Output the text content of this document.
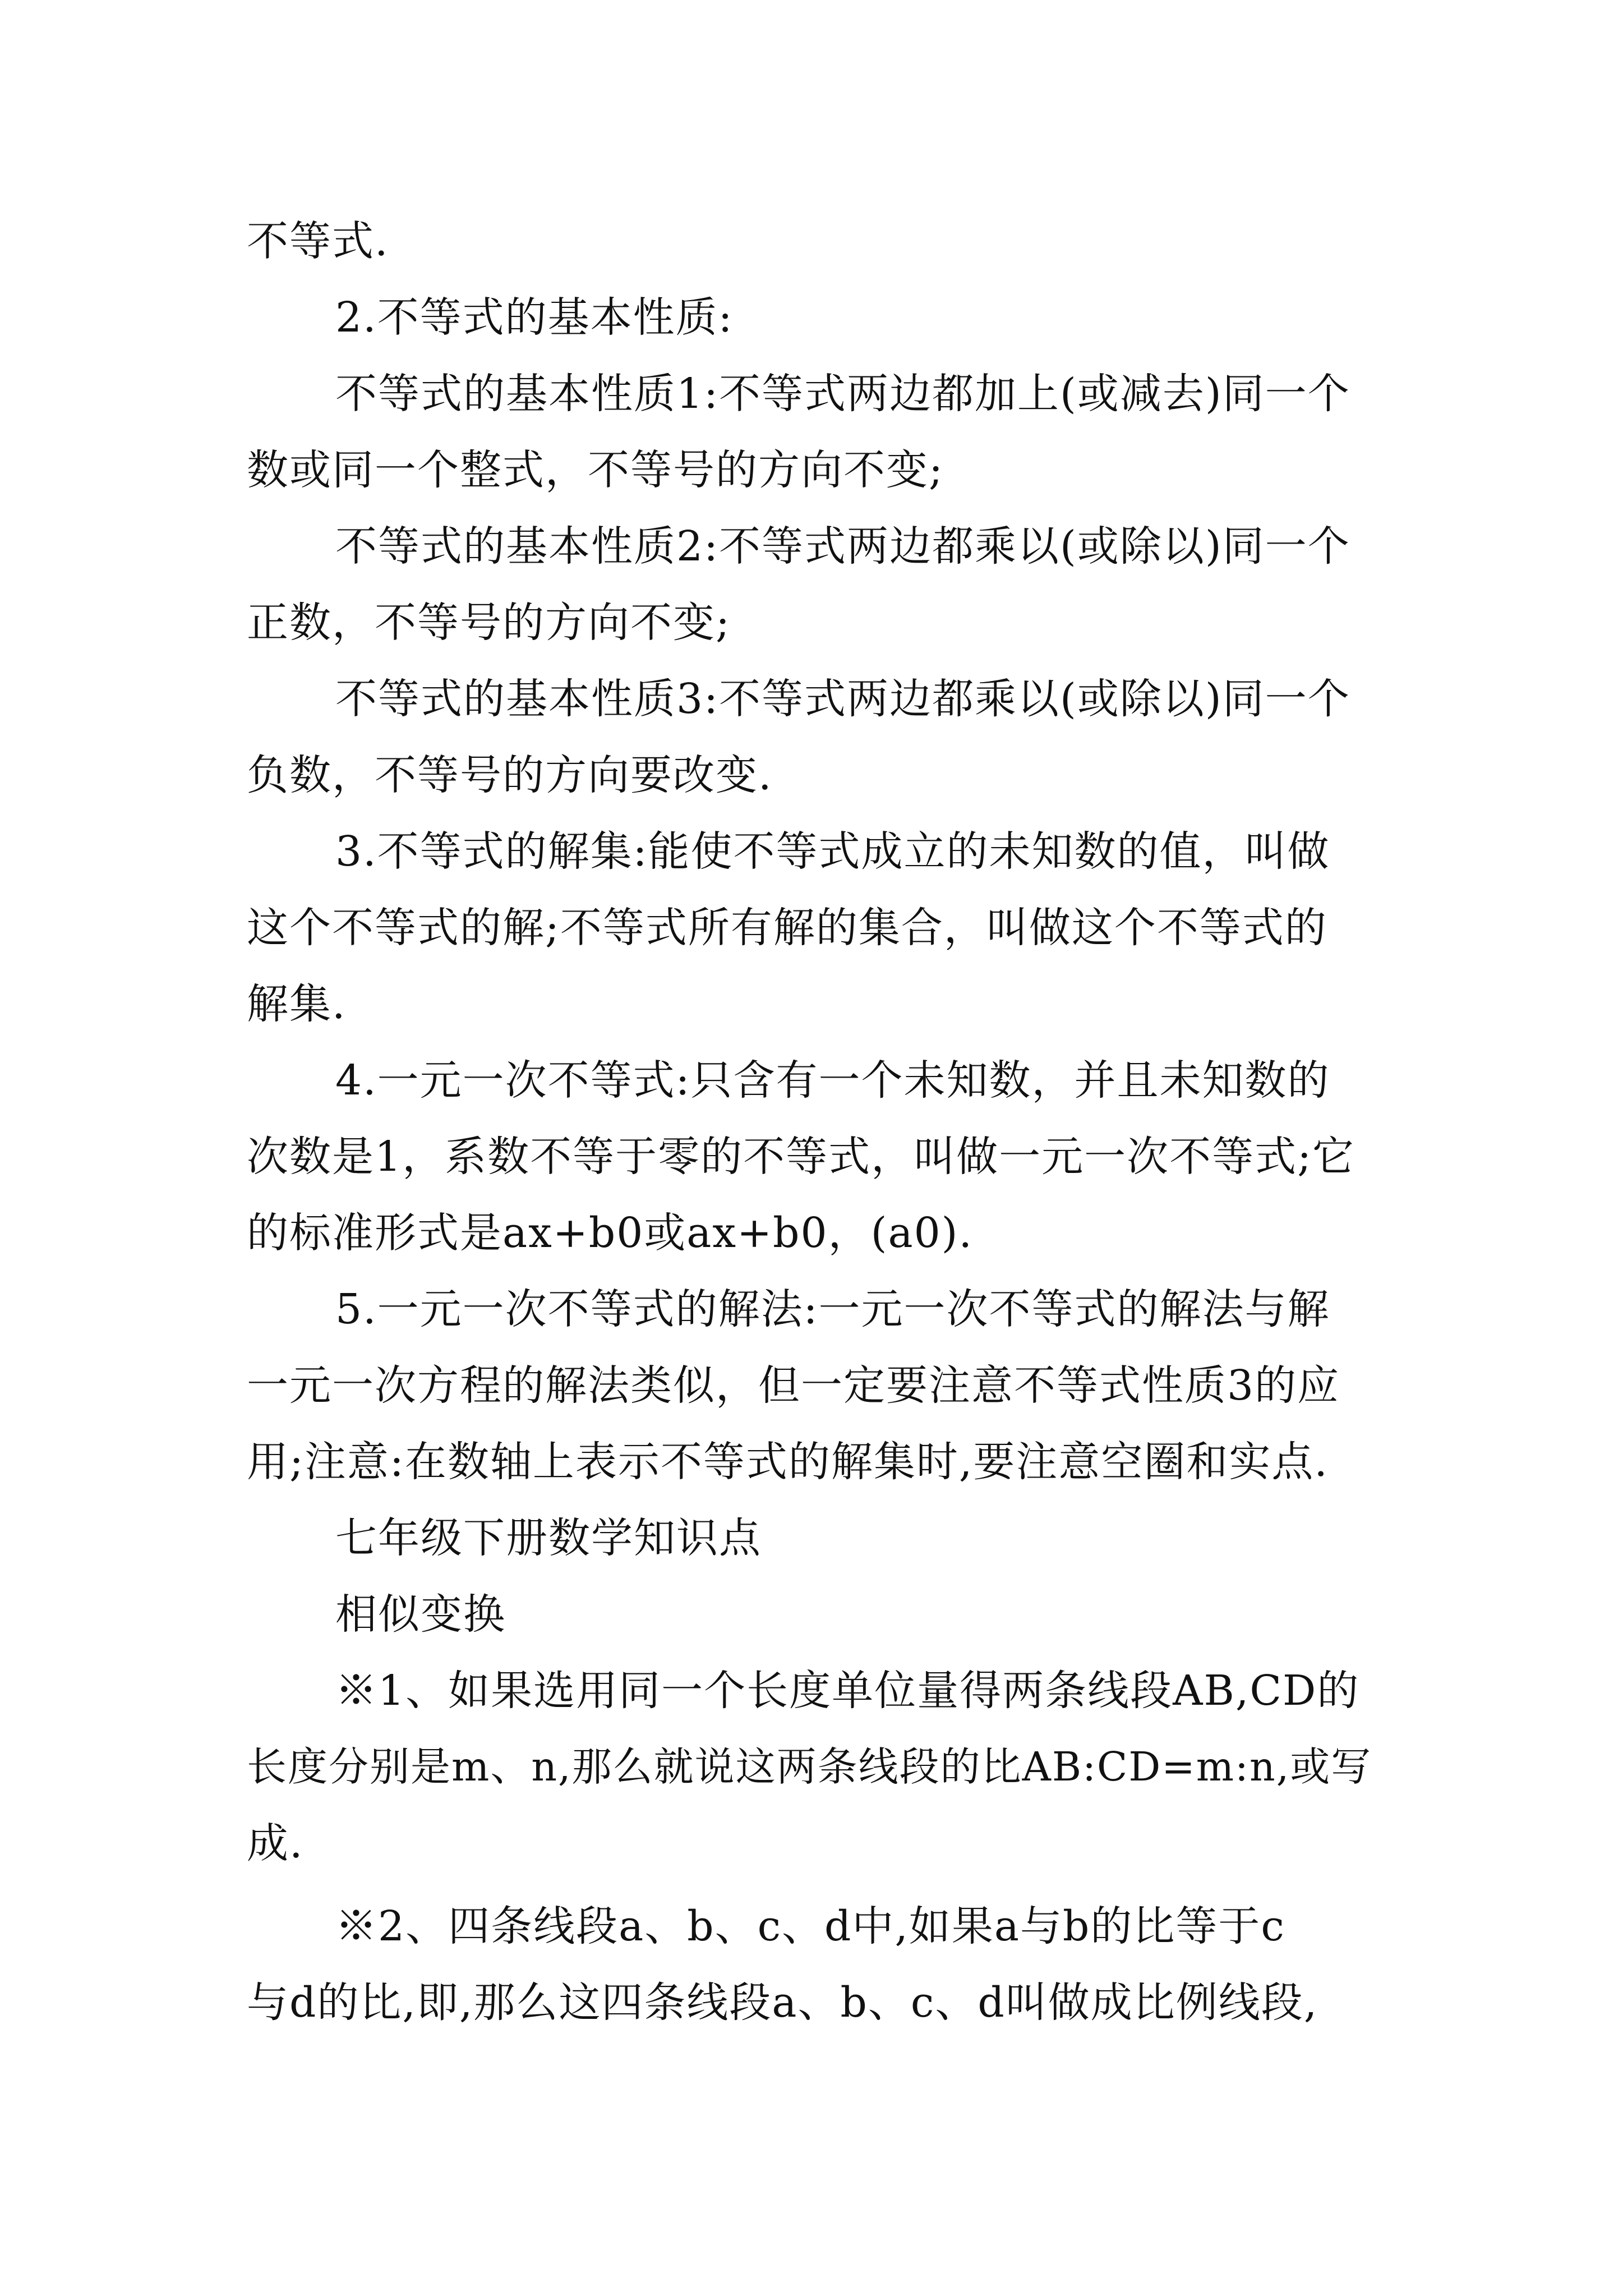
不等式.
2.不等式的基本性质:
不等式的基本性质1:不等式两边都加上(或减去)同一个
数或同一个整式，不等号的方向不变;
不等式的基本性质2:不等式两边都乘以(或除以)同一个
正数，不等号的方向不变;
不等式的基本性质3:不等式两边都乘以(或除以)同一个
负数，不等号的方向要改变.
3.不等式的解集:能使不等式成立的未知数的值，叫做
这个不等式的解;不等式所有解的集合，叫做这个不等式的
解集.
4.一元一次不等式:只含有一个未知数，并且未知数的
次数是1，系数不等于零的不等式，叫做一元一次不等式;它
的标准形式是ax+b0或ax+b0，(a0).
5.一元一次不等式的解法:一元一次不等式的解法与解
一元一次方程的解法类似，但一定要注意不等式性质3的应
用;注意:在数轴上表示不等式的解集时,要注意空圈和实点.
七年级下册数学知识点
相似变换
※1、如果选用同一个长度单位量得两条线段AB,CD的
长度分别是m、n,那么就说这两条线段的比AB:CD=m:n,或写
成.
※2、四条线段a、b、c、d中,如果a与b的比等于c
与d的比,即,那么这四条线段a、b、c、d叫做成比例线段,
